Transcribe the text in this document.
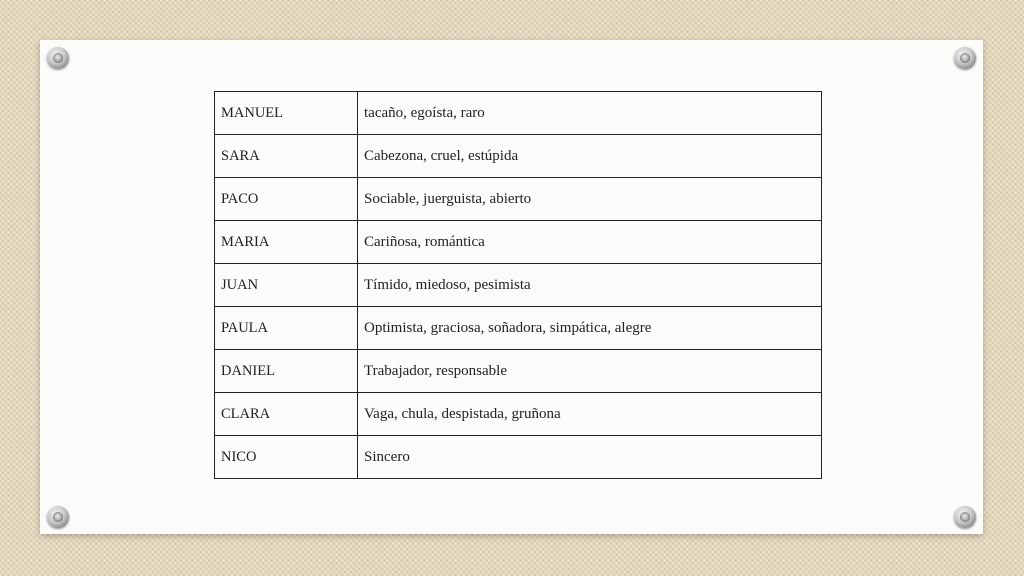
MANUEL	tacaño, egoísta, raro
SARA	Cabezona, cruel, estúpida
PACO	Sociable, juerguista, abierto
MARIA	Cariñosa, romántica
JUAN	Tímido, miedoso, pesimista
PAULA	Optimista, graciosa, soñadora, simpática, alegre
DANIEL	Trabajador, responsable
CLARA	Vaga, chula, despistada, gruñona
NICO	Sincero
